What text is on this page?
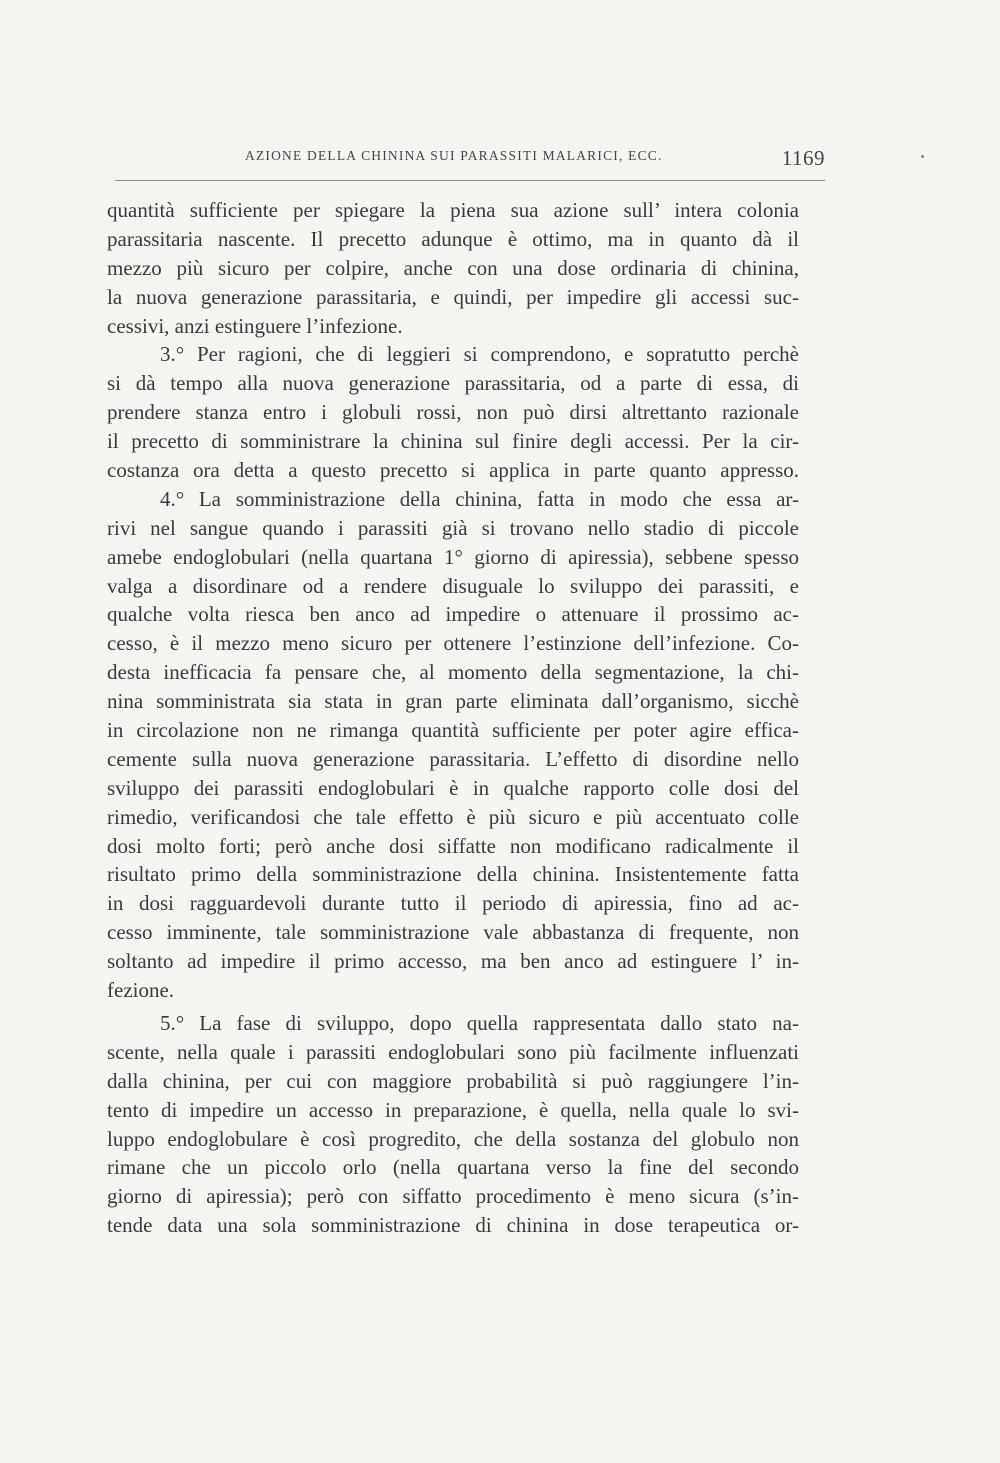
AZIONE DELLA CHININA SUI PARASSITI MALARICI, ECC.	1169
quantità sufficiente per spiegare la piena sua azione sull’ intera colonia
parassitaria nascente. Il precetto adunque è ottimo, ma in quanto dà il
mezzo più sicuro per colpire, anche con una dose ordinaria di chinina,
la nuova generazione parassitaria, e quindi, per impedire gli accessi suc-
cessivi, anzi estinguere l’infezione.
3.° Per ragioni, che di leggieri si comprendono, e sopratutto perchè
si dà tempo alla nuova generazione parassitaria, od a parte di essa, di
prendere stanza entro i globuli rossi, non può dirsi altrettanto razionale
il precetto di somministrare la chinina sul finire degli accessi. Per la cir-
costanza ora detta a questo precetto si applica in parte quanto appresso.
4.° La somministrazione della chinina, fatta in modo che essa ar-
rivi nel sangue quando i parassiti già si trovano nello stadio di piccole
amebe endoglobulari (nella quartana 1° giorno di apiressia), sebbene spesso
valga a disordinare od a rendere disuguale lo sviluppo dei parassiti, e
qualche volta riesca ben anco ad impedire o attenuare il prossimo ac-
cesso, è il mezzo meno sicuro per ottenere l’estinzione dell’infezione. Co-
desta inefficacia fa pensare che, al momento della segmentazione, la chi-
nina somministrata sia stata in gran parte eliminata dall’organismo, sicchè
in circolazione non ne rimanga quantità sufficiente per poter agire effica-
cemente sulla nuova generazione parassitaria. L’effetto di disordine nello
sviluppo dei parassiti endoglobulari è in qualche rapporto colle dosi del
rimedio, verificandosi che tale effetto è più sicuro e più accentuato colle
dosi molto forti; però anche dosi siffatte non modificano radicalmente il
risultato primo della somministrazione della chinina. Insistentemente fatta
in dosi ragguardevoli durante tutto il periodo di apiressia, fino ad ac-
cesso imminente, tale somministrazione vale abbastanza di frequente, non
soltanto ad impedire il primo accesso, ma ben anco ad estinguere l’ in-
fezione.
5.° La fase di sviluppo, dopo quella rappresentata dallo stato na-
scente, nella quale i parassiti endoglobulari sono più facilmente influenzati
dalla chinina, per cui con maggiore probabilità si può raggiungere l’in-
tento di impedire un accesso in preparazione, è quella, nella quale lo svi-
luppo endoglobulare è così progredito, che della sostanza del globulo non
rimane che un piccolo orlo (nella quartana verso la fine del secondo
giorno di apiressia); però con siffatto procedimento è meno sicura (s’in-
tende data una sola somministrazione di chinina in dose terapeutica or-
